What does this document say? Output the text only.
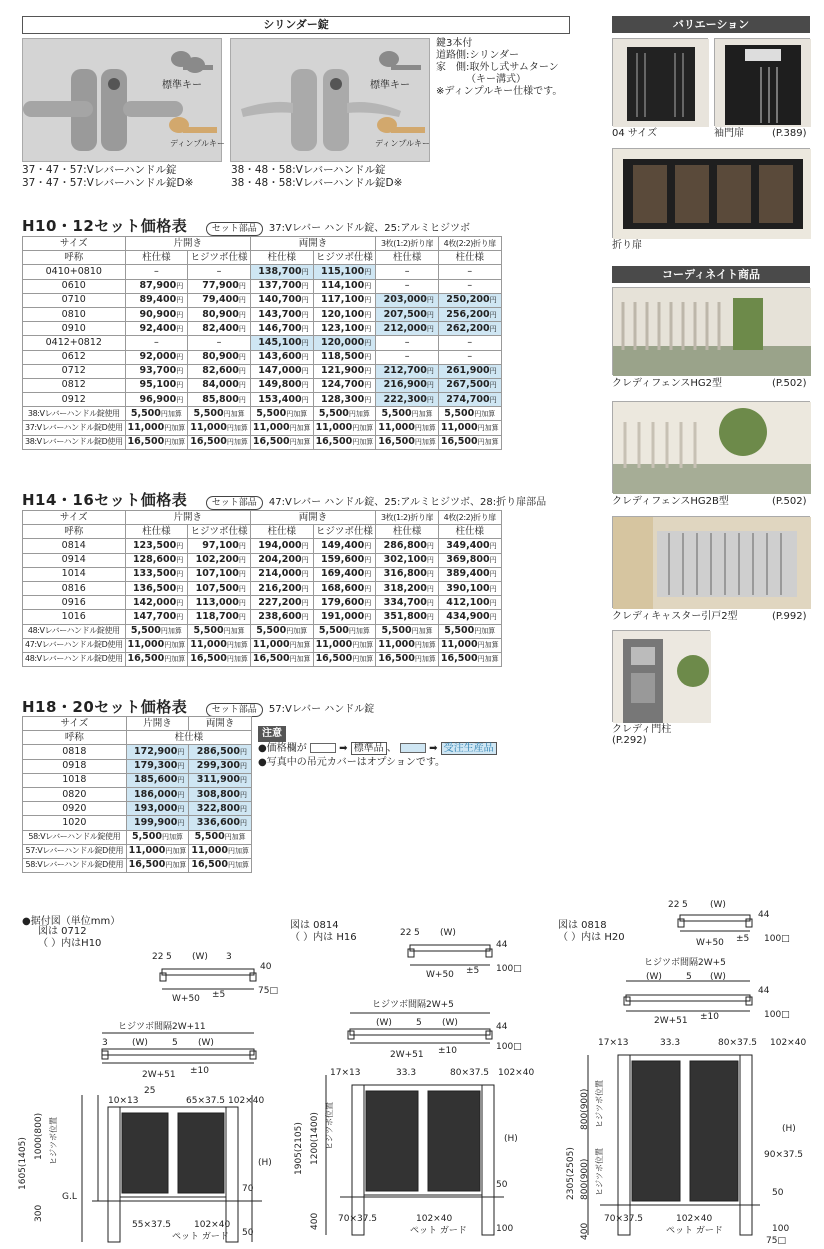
シリンダー錠
標準キー
ディンプルキー
標準キー
ディンプルキー
鍵3本付
道路側:シリンダー
家　側:取外し式サムターン
（キー溝式）
※ディンプルキー仕様です。
37・47・57:Vレバーハンドル錠
37・47・57:Vレバーハンドル錠D※
38・48・58:Vレバーハンドル錠
38・48・58:Vレバーハンドル錠D※
バリエーション
04 サイズ	袖門扉	(P.389)
折り扉
コーディネイト商品
クレディフェンスHG2型	(P.502)
クレディフェンスHG2B型	(P.502)
クレディキャスター引戸2型	(P.992)
クレディ門柱
(P.292)
H10・12セット価格表	セット部品 37:Vレバー ハンドル錠、25:アルミヒジツボ
サイズ	片開き		両開き		3枚(1:2)折り扉	4枚(2:2)折り扉
呼称	柱仕様	ヒジツボ仕様	柱仕様	ヒジツボ仕様	柱仕様	柱仕様
0410+0810	–	–	138,700円	115,100円	–	–
0610	87,900円	77,900円	137,700円	114,100円	–	–
0710	89,400円	79,400円	140,700円	117,100円	203,000円	250,200円
0810	90,900円	80,900円	143,700円	120,100円	207,500円	256,200円
0910	92,400円	82,400円	146,700円	123,100円	212,000円	262,200円
0412+0812	–	–	145,100円	120,000円	–	–
0612	92,000円	80,900円	143,600円	118,500円	–	–
0712	93,700円	82,600円	147,000円	121,900円	212,700円	261,900円
0812	95,100円	84,000円	149,800円	124,700円	216,900円	267,500円
0912	96,900円	85,800円	153,400円	128,300円	222,300円	274,700円
38:Vレバーハンドル錠使用	5,500円加算	5,500円加算	5,500円加算	5,500円加算	5,500円加算	5,500円加算
37:Vレバーハンドル錠D使用	11,000円加算	11,000円加算	11,000円加算	11,000円加算	11,000円加算	11,000円加算
38:Vレバーハンドル錠D使用	16,500円加算	16,500円加算	16,500円加算	16,500円加算	16,500円加算	16,500円加算
H14・16セット価格表	セット部品 47:Vレバー ハンドル錠、25:アルミヒジツボ、28:折り扉部品
サイズ	片開き		両開き		3枚(1:2)折り扉	4枚(2:2)折り扉
呼称	柱仕様	ヒジツボ仕様	柱仕様	ヒジツボ仕様	柱仕様	柱仕様
0814	123,500円	97,100円	194,000円	149,400円	286,800円	349,400円
0914	128,600円	102,200円	204,200円	159,600円	302,100円	369,800円
1014	133,500円	107,100円	214,000円	169,400円	316,800円	389,400円
0816	136,500円	107,500円	216,200円	168,600円	318,200円	390,100円
0916	142,000円	113,000円	227,200円	179,600円	334,700円	412,100円
1016	147,700円	118,700円	238,600円	191,000円	351,800円	434,900円
48:Vレバーハンドル錠使用	5,500円加算	5,500円加算	5,500円加算	5,500円加算	5,500円加算	5,500円加算
47:Vレバーハンドル錠D使用	11,000円加算	11,000円加算	11,000円加算	11,000円加算	11,000円加算	11,000円加算
48:Vレバーハンドル錠D使用	16,500円加算	16,500円加算	16,500円加算	16,500円加算	16,500円加算	16,500円加算
H18・20セット価格表	セット部品 57:Vレバー ハンドル錠
サイズ	片開き	両開き
呼称	柱仕様	
0818	172,900円	286,500円
0918	179,300円	299,300円
1018	185,600円	311,900円
0820	186,000円	308,800円
0920	193,000円	322,800円
1020	199,900円	336,600円
58:Vレバーハンドル錠使用	5,500円加算	5,500円加算
57:Vレバーハンドル錠D使用	11,000円加算	11,000円加算
58:Vレバーハンドル錠D使用	16,500円加算	16,500円加算
注意
●価格欄が	➡ 標準品 、	➡ 受注生産品
●写真中の吊元カバーはオプションです。
●据付図（単位mm）
図は 0712
（ ）内はH10
図は 0814
（ ）内は H16
図は 0818
（ ）内は H20
22 5 (W) 3
40
W+50 ±5	75□
ヒジツボ間隔2W+11
3	(W)	5 (W)
2W+51 ±10
10×13
25
65×37.5 102×40
G.L
(H)
55×37.5	102×40
ペット ガード
70
50
1605(1405)
1000(800) ヒジツボ位置
300
22 5 (W)
44
W+50 ±5 100□
ヒジツボ間隔2W+5
(W)	5 (W)	44
2W+51 ±10	100□
17×13	33.3	80×37.5 102×40
(H)
70×37.5	102×40
ペット ガード
50
100
1905(2105) 1200(1400) ヒジツボ位置
400
22 5 (W)
44
W+50 ±5 100□
ヒジツボ間隔2W+5
(W)	5 (W)
44
2W+51 ±10	100□
17×13	33.3	80×37.5 102×40
(H)
90×37.5
50
100
70×37.5	102×40
ペット ガード
75□
2305(2505)
800(900)
800(900)
ヒジツボ位置
ヒジツボ位置
400
